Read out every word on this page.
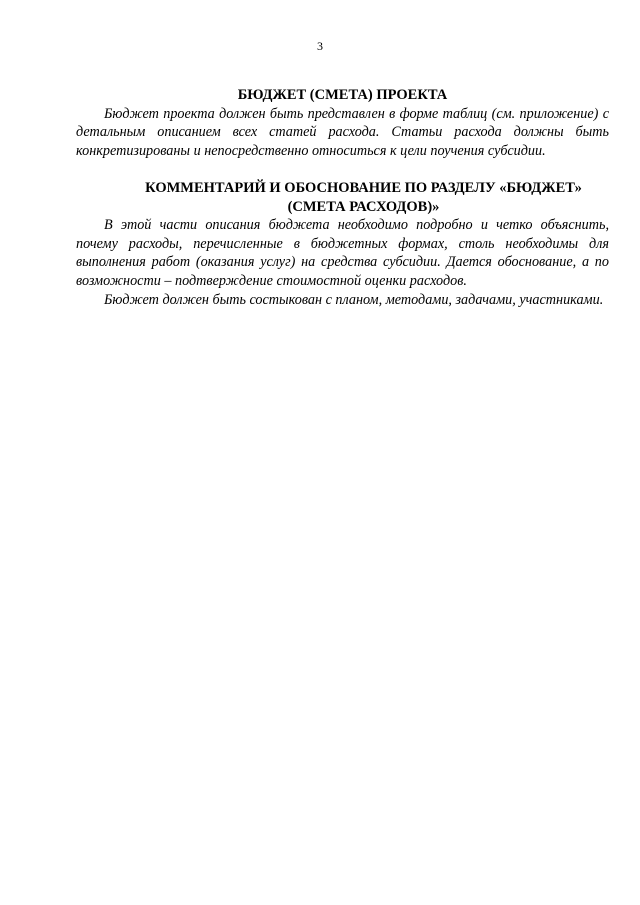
3
БЮДЖЕТ (СМЕТА) ПРОЕКТА

Бюджет проекта должен быть представлен в форме таблиц (см. приложение) с детальным описанием всех статей расхода. Статьи расхода должны быть конкретизированы и непосредственно относиться к цели поучения субсидии.

КОММЕНТАРИЙ И ОБОСНОВАНИЕ ПО РАЗДЕЛУ «БЮДЖЕТ» (СМЕТА РАСХОДОВ)»

В этой части описания бюджета необходимо подробно и четко объяснить, почему расходы, перечисленные в бюджетных формах, столь необходимы для выполнения работ (оказания услуг) на средства субсидии. Дается обоснование, а по возможности – подтверждение стоимостной оценки расходов.

Бюджет должен быть состыкован с планом, методами, задачами, участниками.
